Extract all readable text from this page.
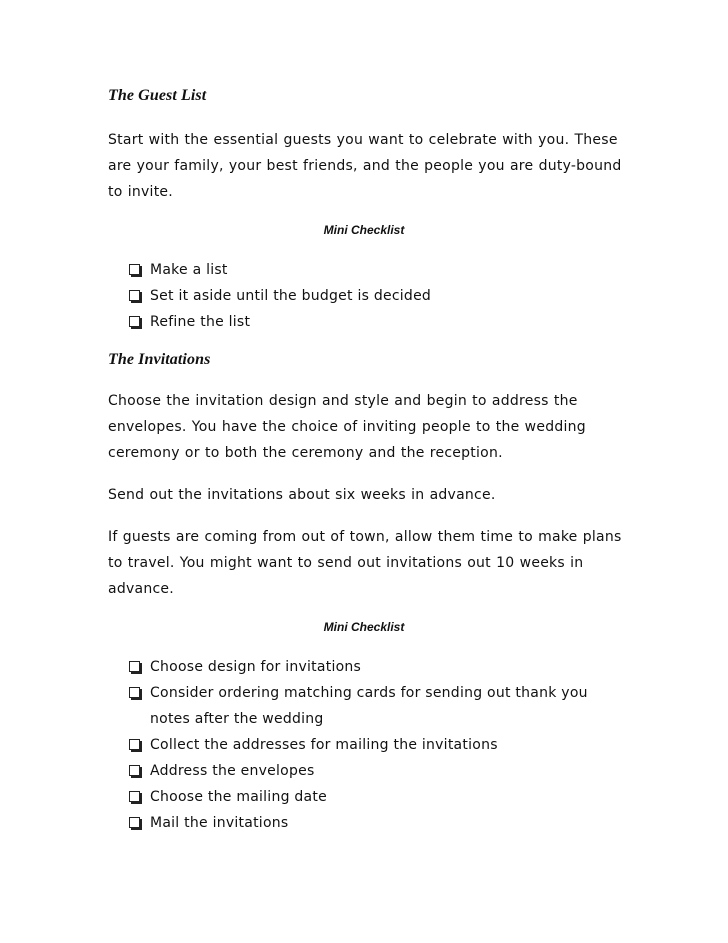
The Guest List

Start with the essential guests you want to celebrate with you. These are your family, your best friends, and the people you are duty-bound to invite.

Mini Checklist

Make a list
Set it aside until the budget is decided
Refine the list
The Invitations

Choose the invitation design and style and begin to address the envelopes. You have the choice of inviting people to the wedding ceremony or to both the ceremony and the reception.

Send out the invitations about six weeks in advance.

If guests are coming from out of town, allow them time to make plans to travel. You might want to send out invitations out 10 weeks in advance.

Mini Checklist

Choose design for invitations
Consider ordering matching cards for sending out thank you notes after the wedding
Collect the addresses for mailing the invitations
Address the envelopes
Choose the mailing date
Mail the invitations
